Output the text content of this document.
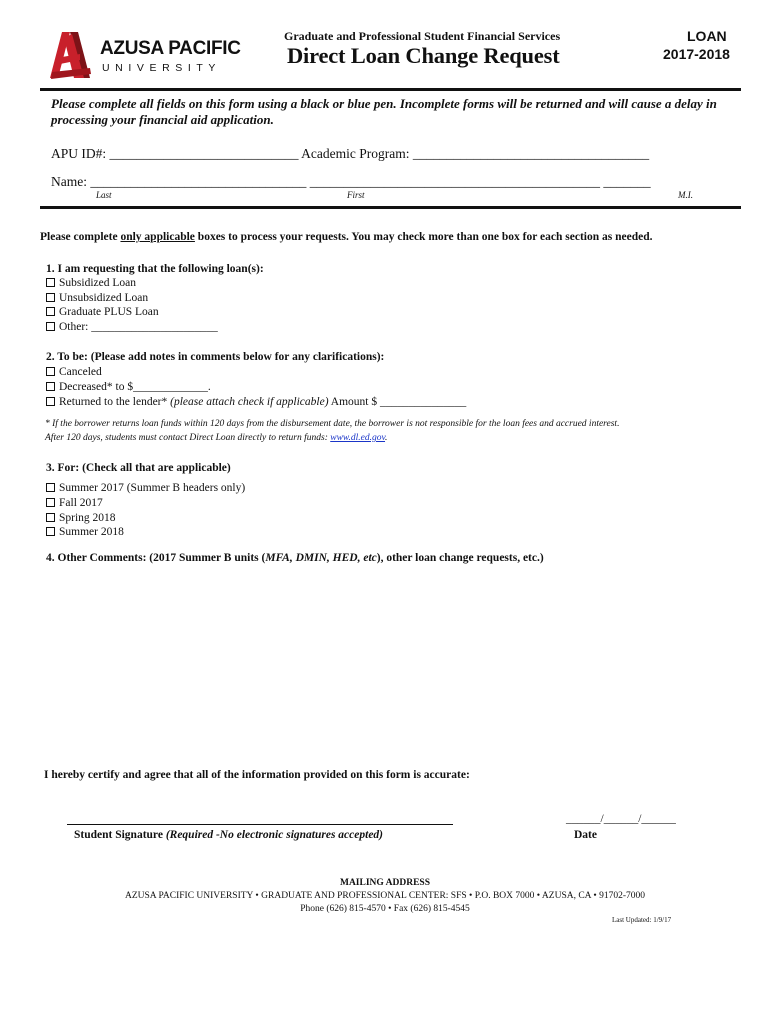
AZUSA PACIFIC
UNIVERSITY
Graduate and Professional Student Financial Services
Direct Loan Change Request
LOAN
2017-2018
Please complete all fields on this form using a black or blue pen. Incomplete forms will be returned and will cause a delay in processing your financial aid application.
APU ID#: ____________________________ Academic Program: ___________________________________
Name: ________________________________ ___________________________________________ _______
Last	First	M.I.
Please complete only applicable boxes to process your requests. You may check more than one box for each section as needed.
1. I am requesting that the following loan(s):
Subsidized Loan
Unsubsidized Loan
Graduate PLUS Loan
Other: ______________________
2. To be: (Please add notes in comments below for any clarifications):
Canceled
Decreased* to $_____________.
Returned to the lender* (please attach check if applicable) Amount $ _______________
* If the borrower returns loan funds within 120 days from the disbursement date, the borrower is not responsible for the loan fees and accrued interest.
After 120 days, students must contact Direct Loan directly to return funds: www.dl.ed.gov.
3. For: (Check all that are applicable)
Summer 2017 (Summer B headers only)
Fall 2017
Spring 2018
Summer 2018
4. Other Comments: (2017 Summer B units (MFA, DMIN, HED, etc), other loan change requests, etc.)
I hereby certify and agree that all of the information provided on this form is accurate:
Student Signature (Required -No electronic signatures accepted)
______/______/______
Date
MAILING ADDRESS
AZUSA PACIFIC UNIVERSITY • GRADUATE AND PROFESSIONAL CENTER: SFS • P.O. BOX 7000 • AZUSA, CA • 91702-7000
Phone (626) 815-4570 • Fax (626) 815-4545
Last Updated: 1/9/17
